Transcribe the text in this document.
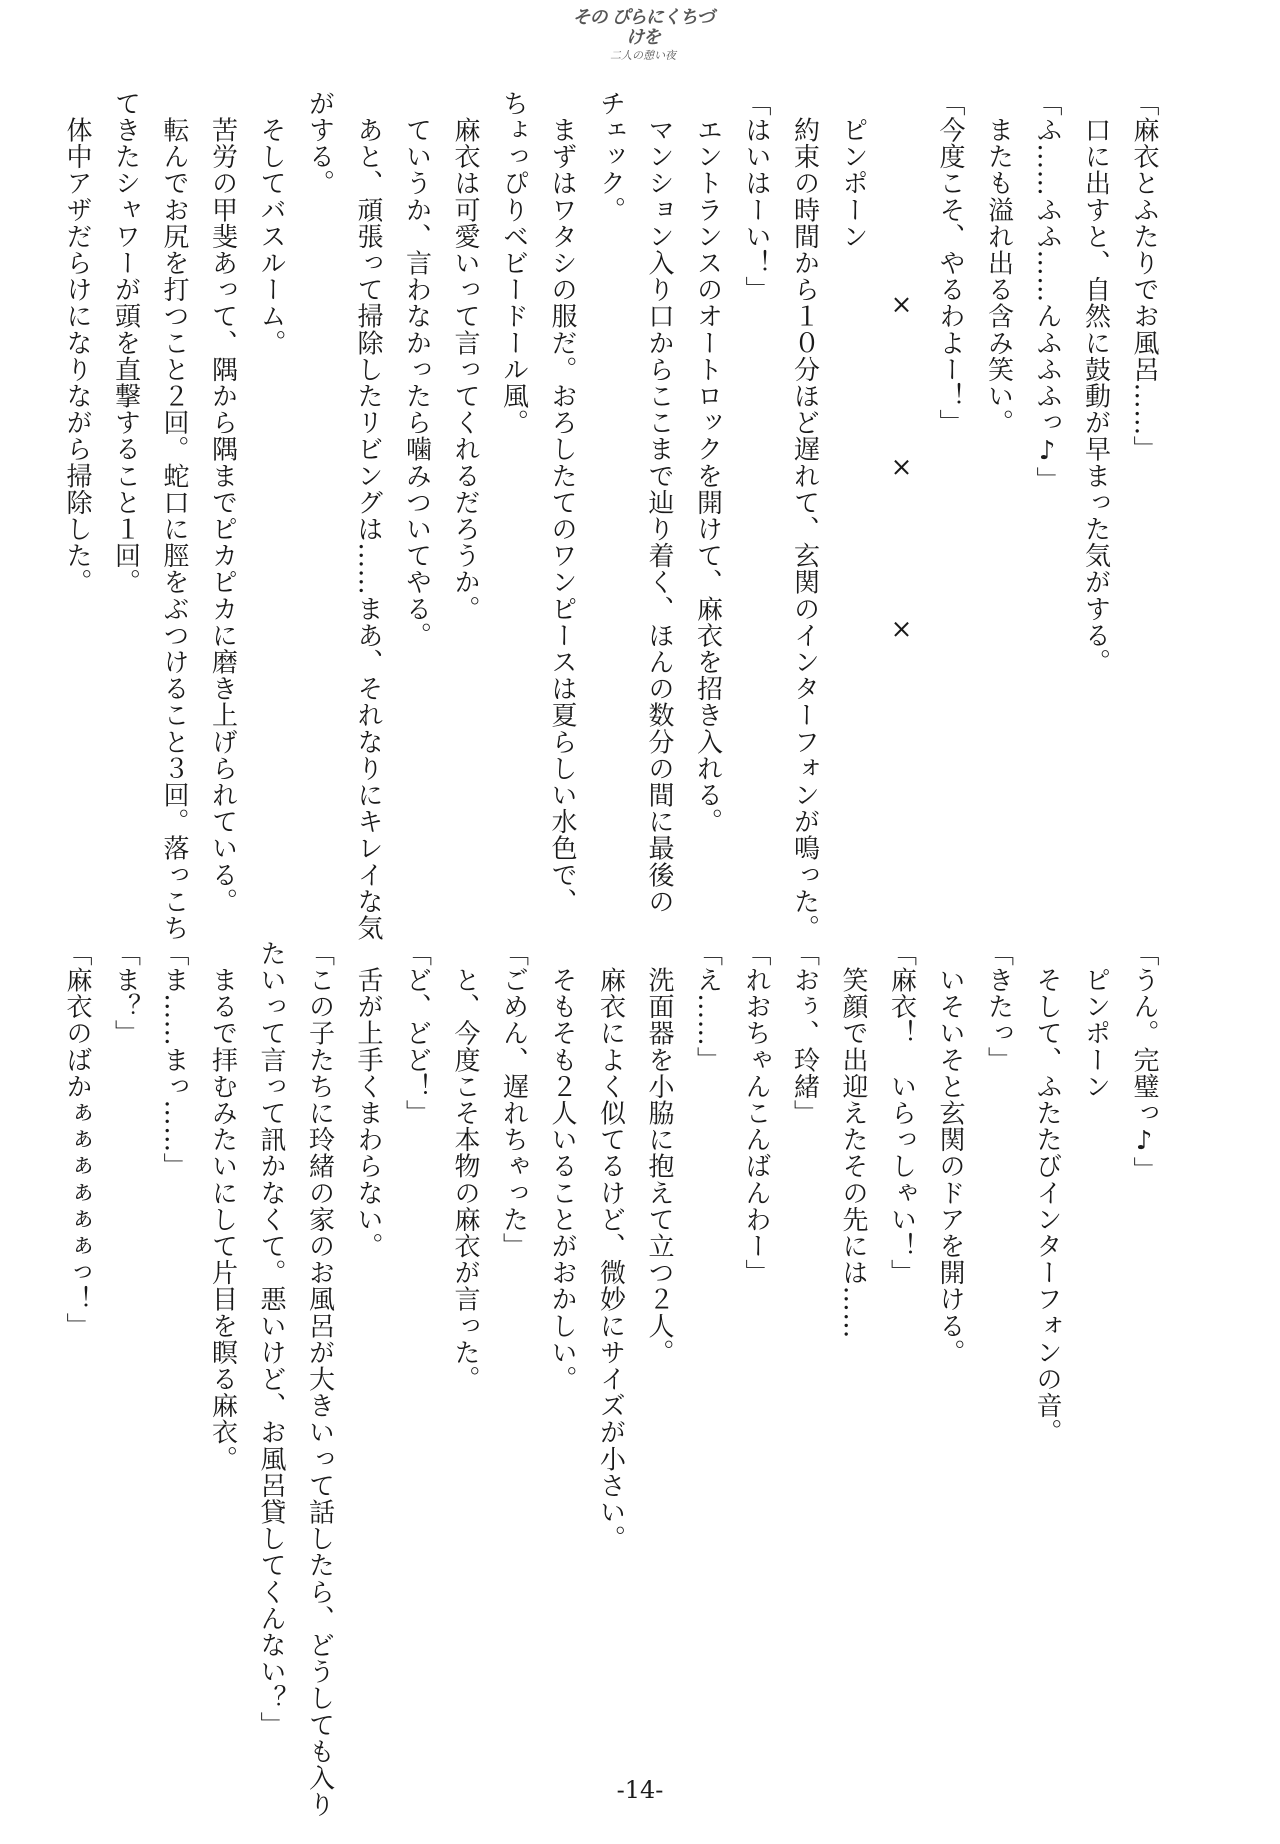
その ぴらにくちづけを
二人の憩い夜
「麻衣とふたりでお風呂……」
　口に出すと、自然に鼓動が早まった気がする。
「ふ……ふふ……んふふふっ♪」
　またも溢れ出る含み笑い。
「今度こそ、やるわよー！」
× × ×
　ピンポーン
　約束の時間から１０分ほど遅れて、玄関のインターフォンが鳴った。
「はいはーい！」
　エントランスのオートロックを開けて、麻衣を招き入れる。
　マンション入り口からここまで辿り着く、ほんの数分の間に最後の
チェック。
　まずはワタシの服だ。おろしたてのワンピースは夏らしい水色で、
ちょっぴりベビードール風。
　麻衣は可愛いって言ってくれるだろうか。
　ていうか、言わなかったら噛みついてやる。
　あと、頑張って掃除したリビングは……まあ、それなりにキレイな気
がする。
　そしてバスルーム。
　苦労の甲斐あって、隅から隅までピカピカに磨き上げられている。
　転んでお尻を打つこと２回。蛇口に脛をぶつけること３回。落っこち
てきたシャワーが頭を直撃すること１回。
　体中アザだらけになりながら掃除した。
「うん。完璧っ♪」
　ピンポーン
　そして、ふたたびインターフォンの音。
「きたっ」
　いそいそと玄関のドアを開ける。
「麻衣！　いらっしゃい！」
　笑顔で出迎えたその先には……
「おぅ、玲緒」
「れおちゃんこんばんわー」
「え……」
　洗面器を小脇に抱えて立つ２人。
　麻衣によく似てるけど、微妙にサイズが小さい。
　そもそも２人いることがおかしい。
「ごめん、遅れちゃった」
　と、今度こそ本物の麻衣が言った。
「ど、どど！」
　舌が上手くまわらない。
「この子たちに玲緒の家のお風呂が大きいって話したら、どうしても入り
たいって言って訊かなくて。悪いけど、お風呂貸してくんない？」
　まるで拝むみたいにして片目を瞑る麻衣。
「ま……まっ……」
「ま？」
「麻衣のばかぁぁぁぁぁぁっ！」
-14-
